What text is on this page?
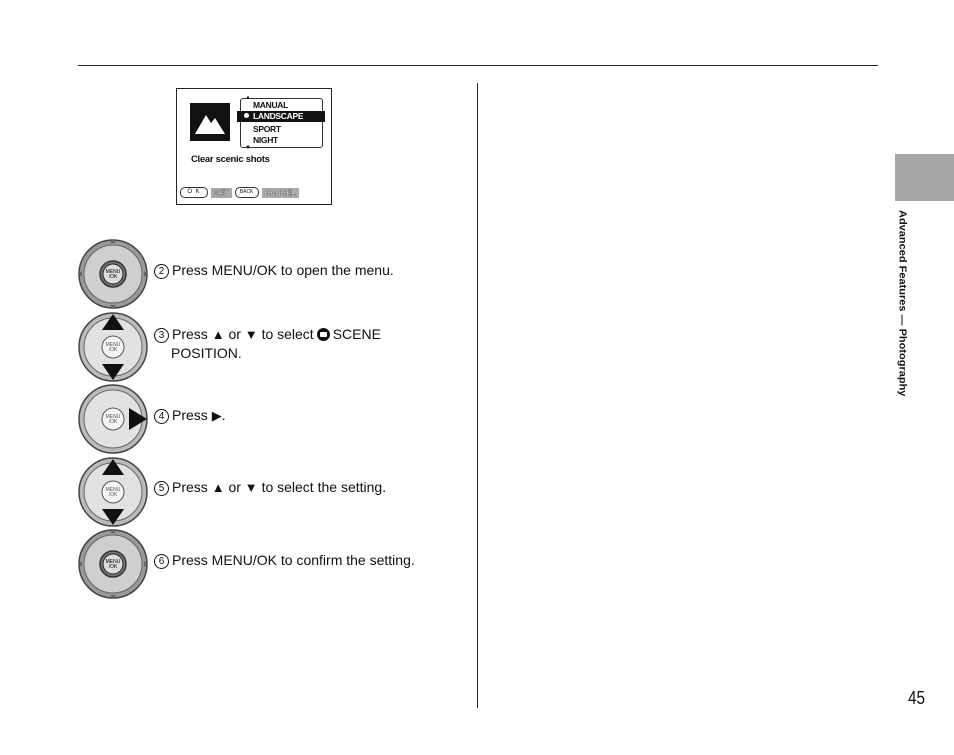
Advanced Features — Photography
45
▲
MANUAL
LANDSCAPE
SPORT
NIGHT
▼
Clear scenic shots
O K	SET	BACK	CANCEL
MENU
/OK	2 Press MENU/OK to open the menu.
MENU
/OK
3 Press ▲ or ▼ to select SCENE
POSITION.
MENU
/OK	4 Press ▶.
MENU
/OK
5 Press ▲ or ▼ to select the setting.
MENU
/OK	6 Press MENU/OK to confirm the setting.
